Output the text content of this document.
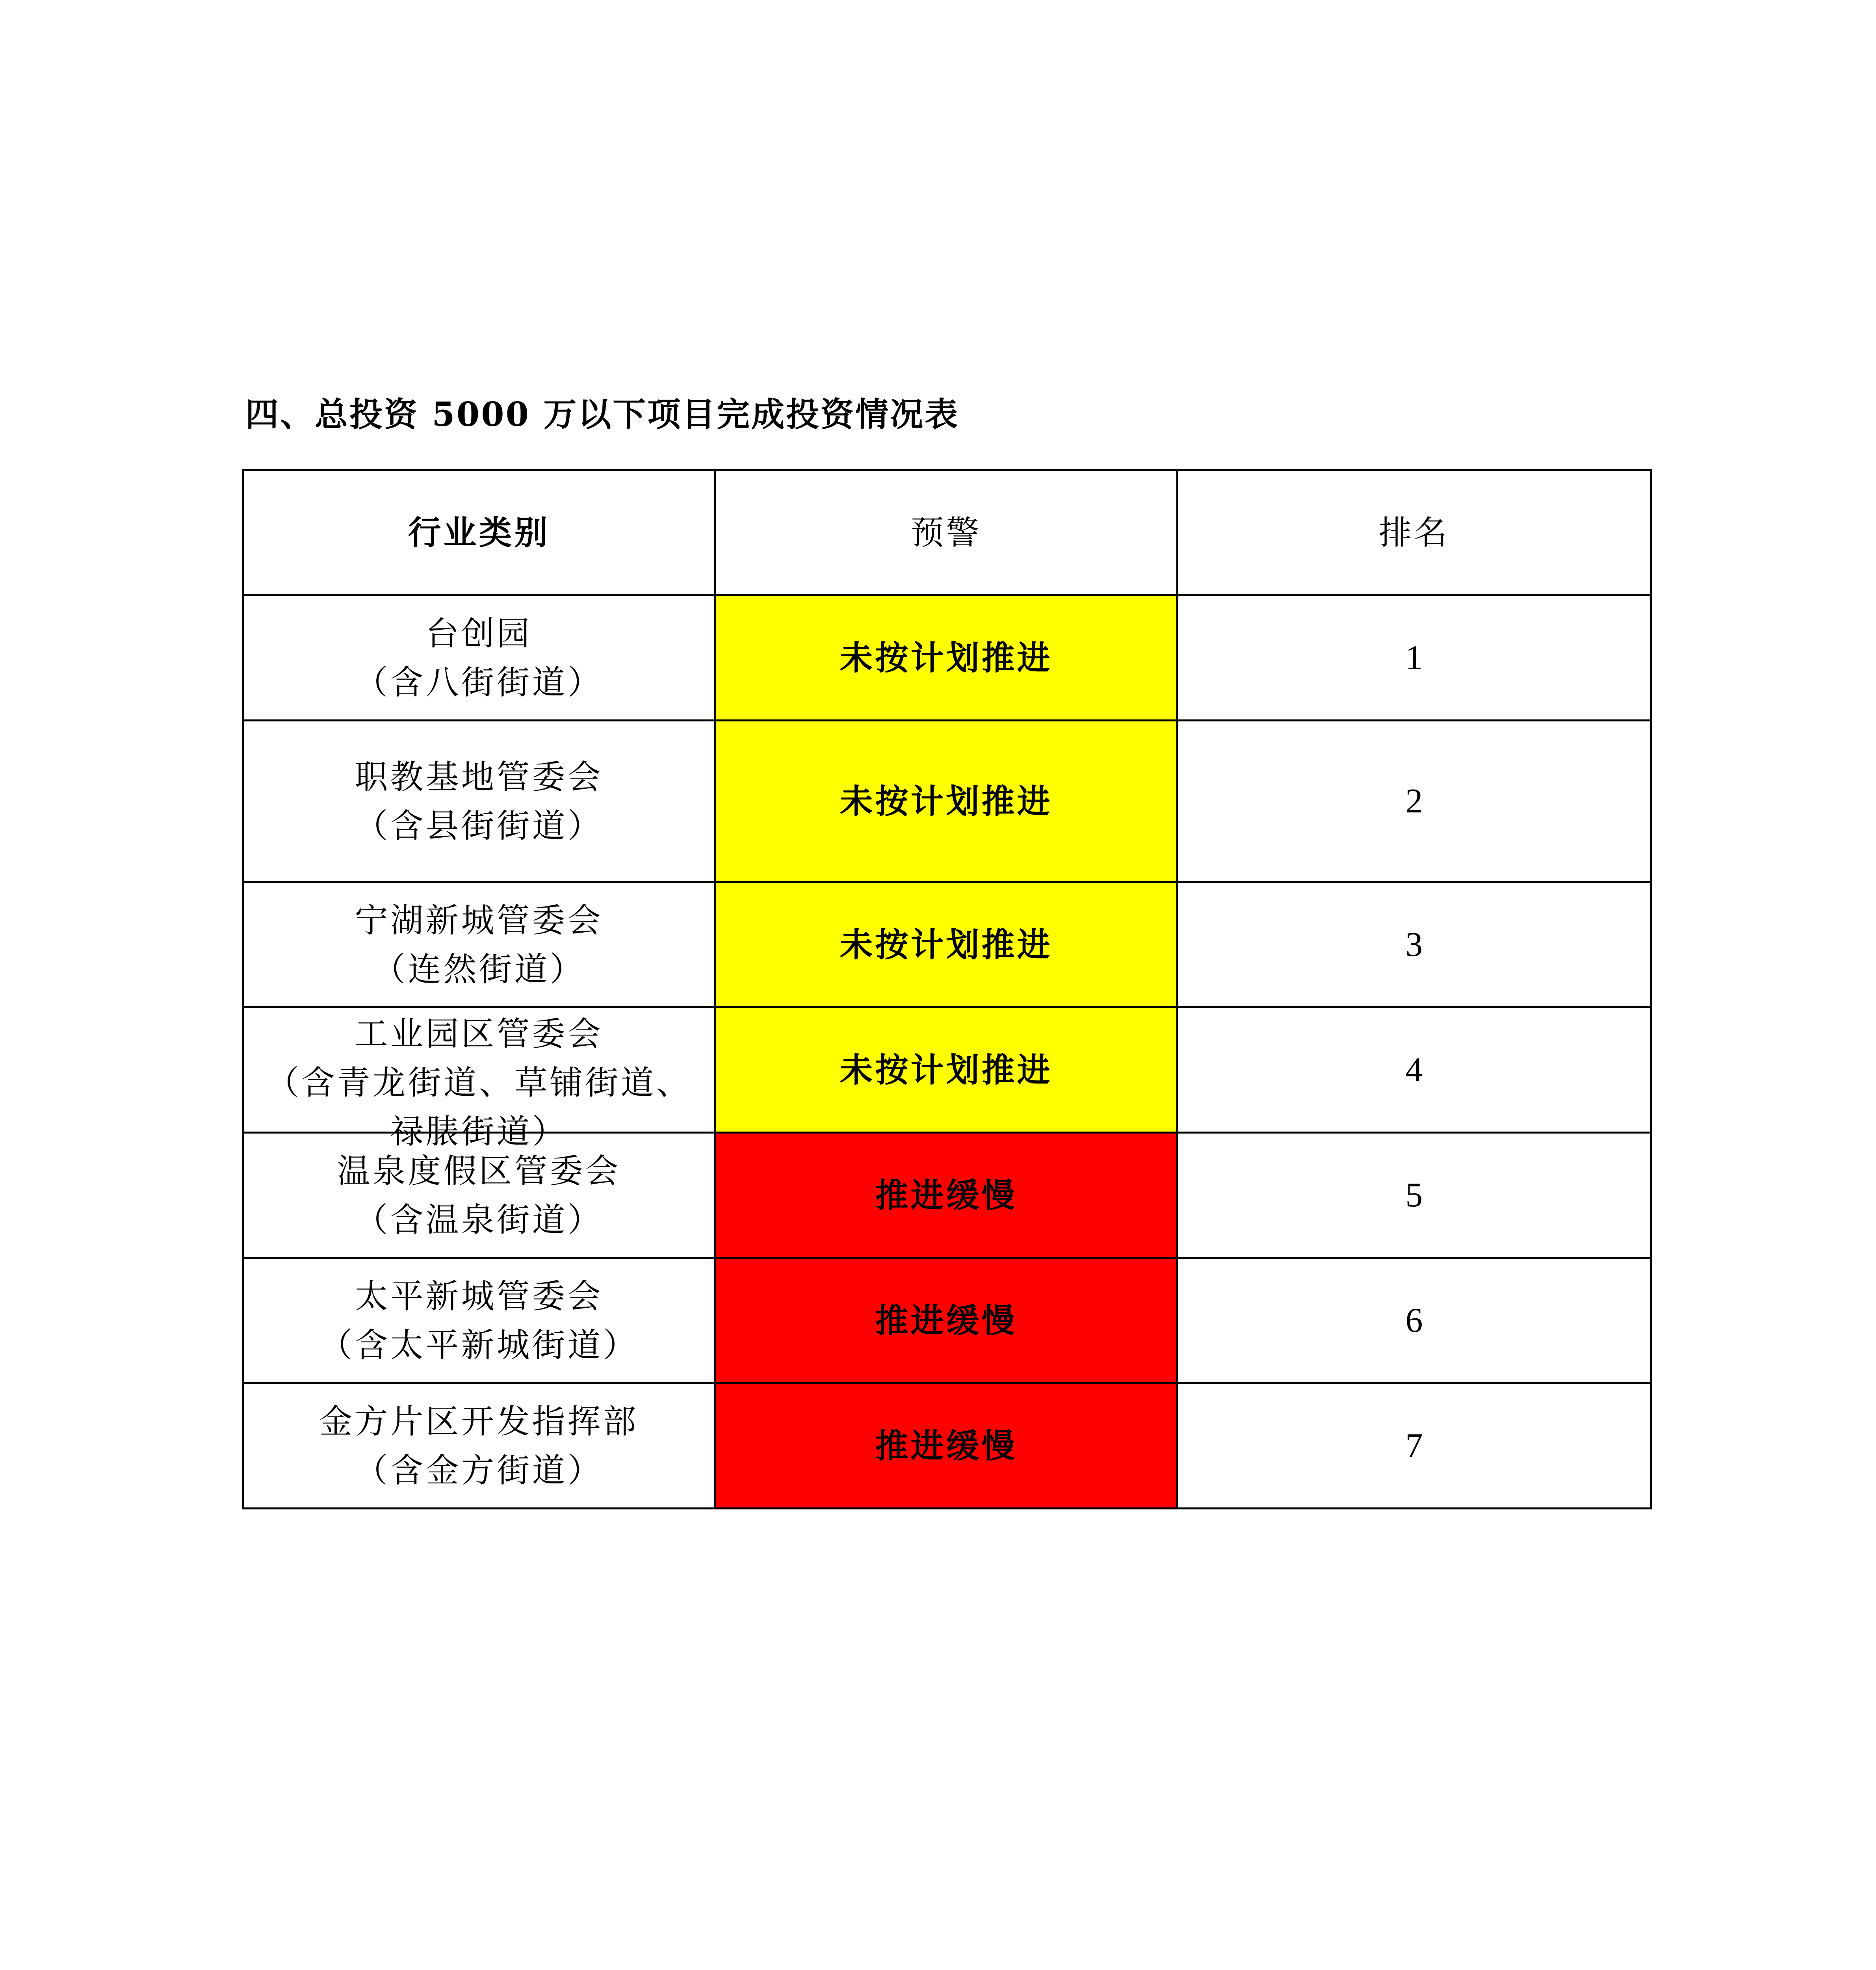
四、总投资 5000 万以下项目完成投资情况表
行业类别	预警	排名

台创园
（含八街街道）	未按计划推进	1

职教基地管委会
（含县街街道）	未按计划推进	2

宁湖新城管委会
（连然街道）	未按计划推进	3

工业园区管委会
（含青龙街道、草铺街道、
禄脿街道）	未按计划推进	4

温泉度假区管委会
（含温泉街道）	推进缓慢	5

太平新城管委会
（含太平新城街道）	推进缓慢	6

金方片区开发指挥部
（含金方街道）	推进缓慢	7
